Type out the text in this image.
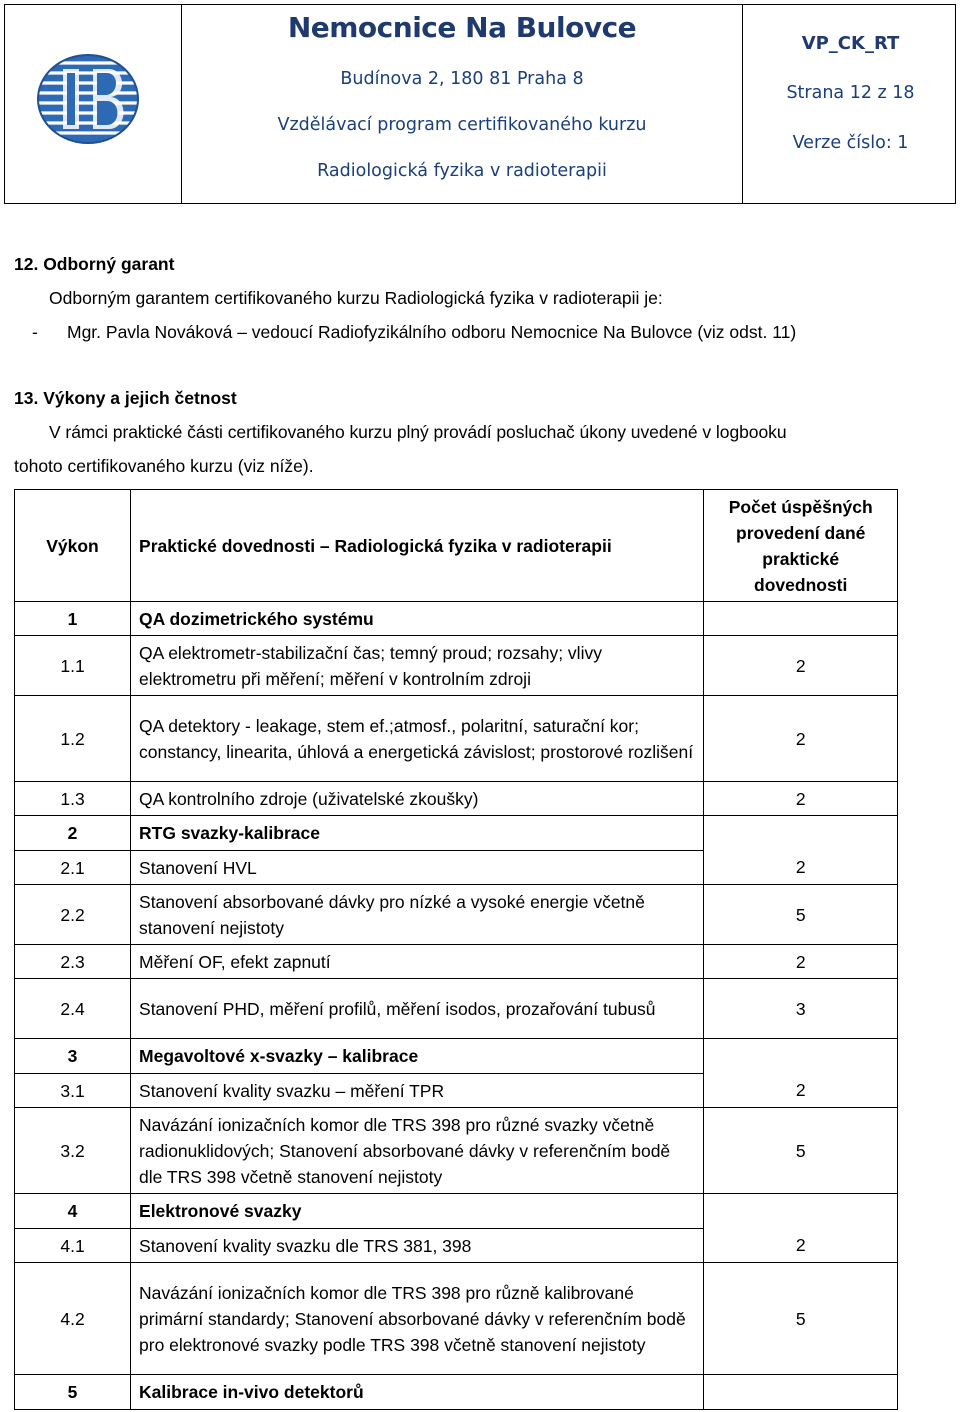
Nemocnice Na Bulovce
Budínova 2, 180 81 Praha 8
Vzdělávací program certifikovaného kurzu
Radiologická fyzika v radioterapii
VP_CK_RT
Strana 12 z 18
Verze číslo: 1
12. Odborný garant
Odborným garantem certifikovaného kurzu Radiologická fyzika v radioterapii je:
- Mgr. Pavla Nováková – vedoucí Radiofyzikálního odboru Nemocnice Na Bulovce (viz odst. 11)
13. Výkony a jejich četnost
V rámci praktické části certifikovaného kurzu plný provádí posluchač úkony uvedené v logbooku
tohoto certifikovaného kurzu (viz níže).
Výkon	Praktické dovednosti – Radiologická fyzika v radioterapii	Počet úspěšných provedení dané praktické dovednosti
1	QA dozimetrického systému	
1.1	QA elektrometr-stabilizační čas; temný proud; rozsahy; vlivy elektrometru při měření; měření v kontrolním zdroji	2
1.2	QA detektory - leakage, stem ef.;atmosf., polaritní, saturační kor; constancy, linearita, úhlová a energetická závislost; prostorové rozlišení	2
1.3	QA kontrolního zdroje (uživatelské zkoušky)	2
2	RTG svazky-kalibrace	
2.1	Stanovení HVL	2
2.2	Stanovení absorbované dávky pro nízké a vysoké energie včetně stanovení nejistoty	5
2.3	Měření OF, efekt zapnutí	2
2.4	Stanovení PHD, měření profilů, měření isodos, prozařování tubusů	3
3	Megavoltové x-svazky – kalibrace	
3.1	Stanovení kvality svazku – měření TPR	2
3.2	Navázání ionizačních komor dle TRS 398 pro různé svazky včetně radionuklidových; Stanovení absorbované dávky v referenčním bodě dle TRS 398 včetně stanovení nejistoty	5
4	Elektronové svazky	
4.1	Stanovení kvality svazku dle TRS 381, 398	2
4.2	Navázání ionizačních komor dle TRS 398 pro různě kalibrované primární standardy; Stanovení absorbované dávky v referenčním bodě pro elektronové svazky podle TRS 398 včetně stanovení nejistoty	5
5	Kalibrace in-vivo detektorů	
